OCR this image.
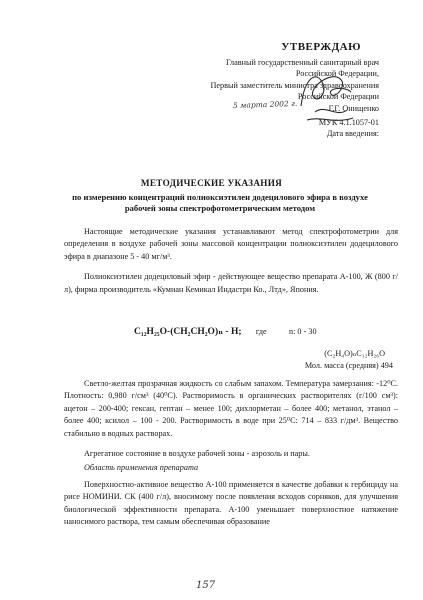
УТВЕРЖДАЮ
Главный государственный санитарный врач
Российской Федерации,
Первый заместитель министра здравоохранения
Российской Федерации
Г.Г. Онищенко
МУК 4.1.1057-01
Дата введения:
5 марта 2002 г.
МЕТОДИЧЕСКИЕ УКАЗАНИЯ
по измерению концентраций полиоксиэтилен додецилового эфира в воздухе
рабочей зоны спектрофотометрическим методом

Настоящие методические указания устанавливают метод спектрофотометрии для определения в воздухе рабочей зоны массовой концентрации полиоксиэтилен додецилового эфира в диапазоне 5 - 40 мг/м³.

Полиоксиэтилен додециловый эфир - действующее вещество препарата А-100, Ж (800 г/л), фирма производитель «Кумиан Кемикал Индастри Ко., Лтд», Япония.

C₁₂H₂₅O-(CH₂CH₂O)ₙ - H; где	n: 0 - 30
(C₂H₄O)ₙC₁₂H₂₆O
Мол. масса (средняя) 494

Светло-желтая прозрачная жидкость со слабым запахом. Температура замерзания: -12⁰С. Плотность: 0,980 г/см³ (40⁰С). Растворимость в органических растворителях (г/100 см³): ацетон – 200-400; гексан, гептан – менее 100; дихлорметан – более 400; метанол, этанол – более 400; ксилол – 100 - 200. Растворимость в воде при 25⁰С: 714 – 833 г/дм³. Вещество стабильно в водных растворах.

Агрегатное состояние в воздухе рабочей зоны - аэрозоль и пары.

Область применения препарата

Поверхностно-активное вещество А-100 применяется в качестве добавки к гербициду на рисе НОМИНИ. СК (400 г/л), вносимому после появления всходов сорняков, для улучшения биологической эффективности препарата. А-100 уменьшает поверхностное натяжение наносимого раствора, тем самым обеспечивая образование

157
